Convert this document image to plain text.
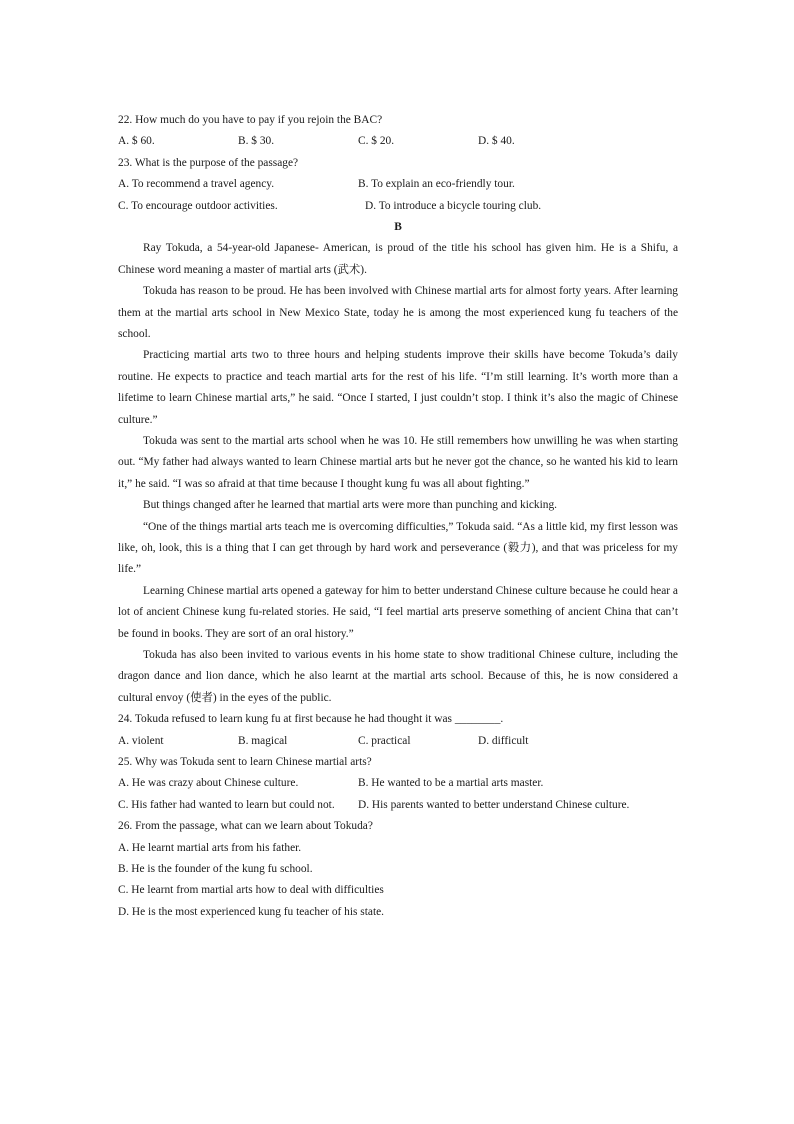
22. How much do you have to pay if you rejoin the BAC?
A. $ 60.	B. $ 30.	C. $ 20.	D. $ 40.
23. What is the purpose of the passage?
A. To recommend a travel agency.	B. To explain an eco-friendly tour.
C. To encourage outdoor activities.	D. To introduce a bicycle touring club.
B

Ray Tokuda, a 54-year-old Japanese- American, is proud of the title his school has given him. He is a Shifu, a Chinese word meaning a master of martial arts (武术).

Tokuda has reason to be proud. He has been involved with Chinese martial arts for almost forty years. After learning them at the martial arts school in New Mexico State, today he is among the most experienced kung fu teachers of the school.

Practicing martial arts two to three hours and helping students improve their skills have become Tokuda’s daily routine. He expects to practice and teach martial arts for the rest of his life. “I’m still learning. It’s worth more than a lifetime to learn Chinese martial arts,” he said. “Once I started, I just couldn’t stop. I think it’s also the magic of Chinese culture.”

Tokuda was sent to the martial arts school when he was 10. He still remembers how unwilling he was when starting out. “My father had always wanted to learn Chinese martial arts but he never got the chance, so he wanted his kid to learn it,” he said. “I was so afraid at that time because I thought kung fu was all about fighting.”

But things changed after he learned that martial arts were more than punching and kicking.

“One of the things martial arts teach me is overcoming difficulties,” Tokuda said. “As a little kid, my first lesson was like, oh, look, this is a thing that I can get through by hard work and perseverance (毅力), and that was priceless for my life.”

Learning Chinese martial arts opened a gateway for him to better understand Chinese culture because he could hear a lot of ancient Chinese kung fu-related stories. He said, “I feel martial arts preserve something of ancient China that can’t be found in books. They are sort of an oral history.”

Tokuda has also been invited to various events in his home state to show traditional Chinese culture, including the dragon dance and lion dance, which he also learnt at the martial arts school. Because of this, he is now considered a cultural envoy (使者) in the eyes of the public.

24. Tokuda refused to learn kung fu at first because he had thought it was ________.
A. violent	B. magical	C. practical	D. difficult
25. Why was Tokuda sent to learn Chinese martial arts?
A. He was crazy about Chinese culture.	B. He wanted to be a martial arts master.
C. His father had wanted to learn but could not.	D. His parents wanted to better understand Chinese culture.
26. From the passage, what can we learn about Tokuda?
A. He learnt martial arts from his father.
B. He is the founder of the kung fu school.
C. He learnt from martial arts how to deal with difficulties
D. He is the most experienced kung fu teacher of his state.
